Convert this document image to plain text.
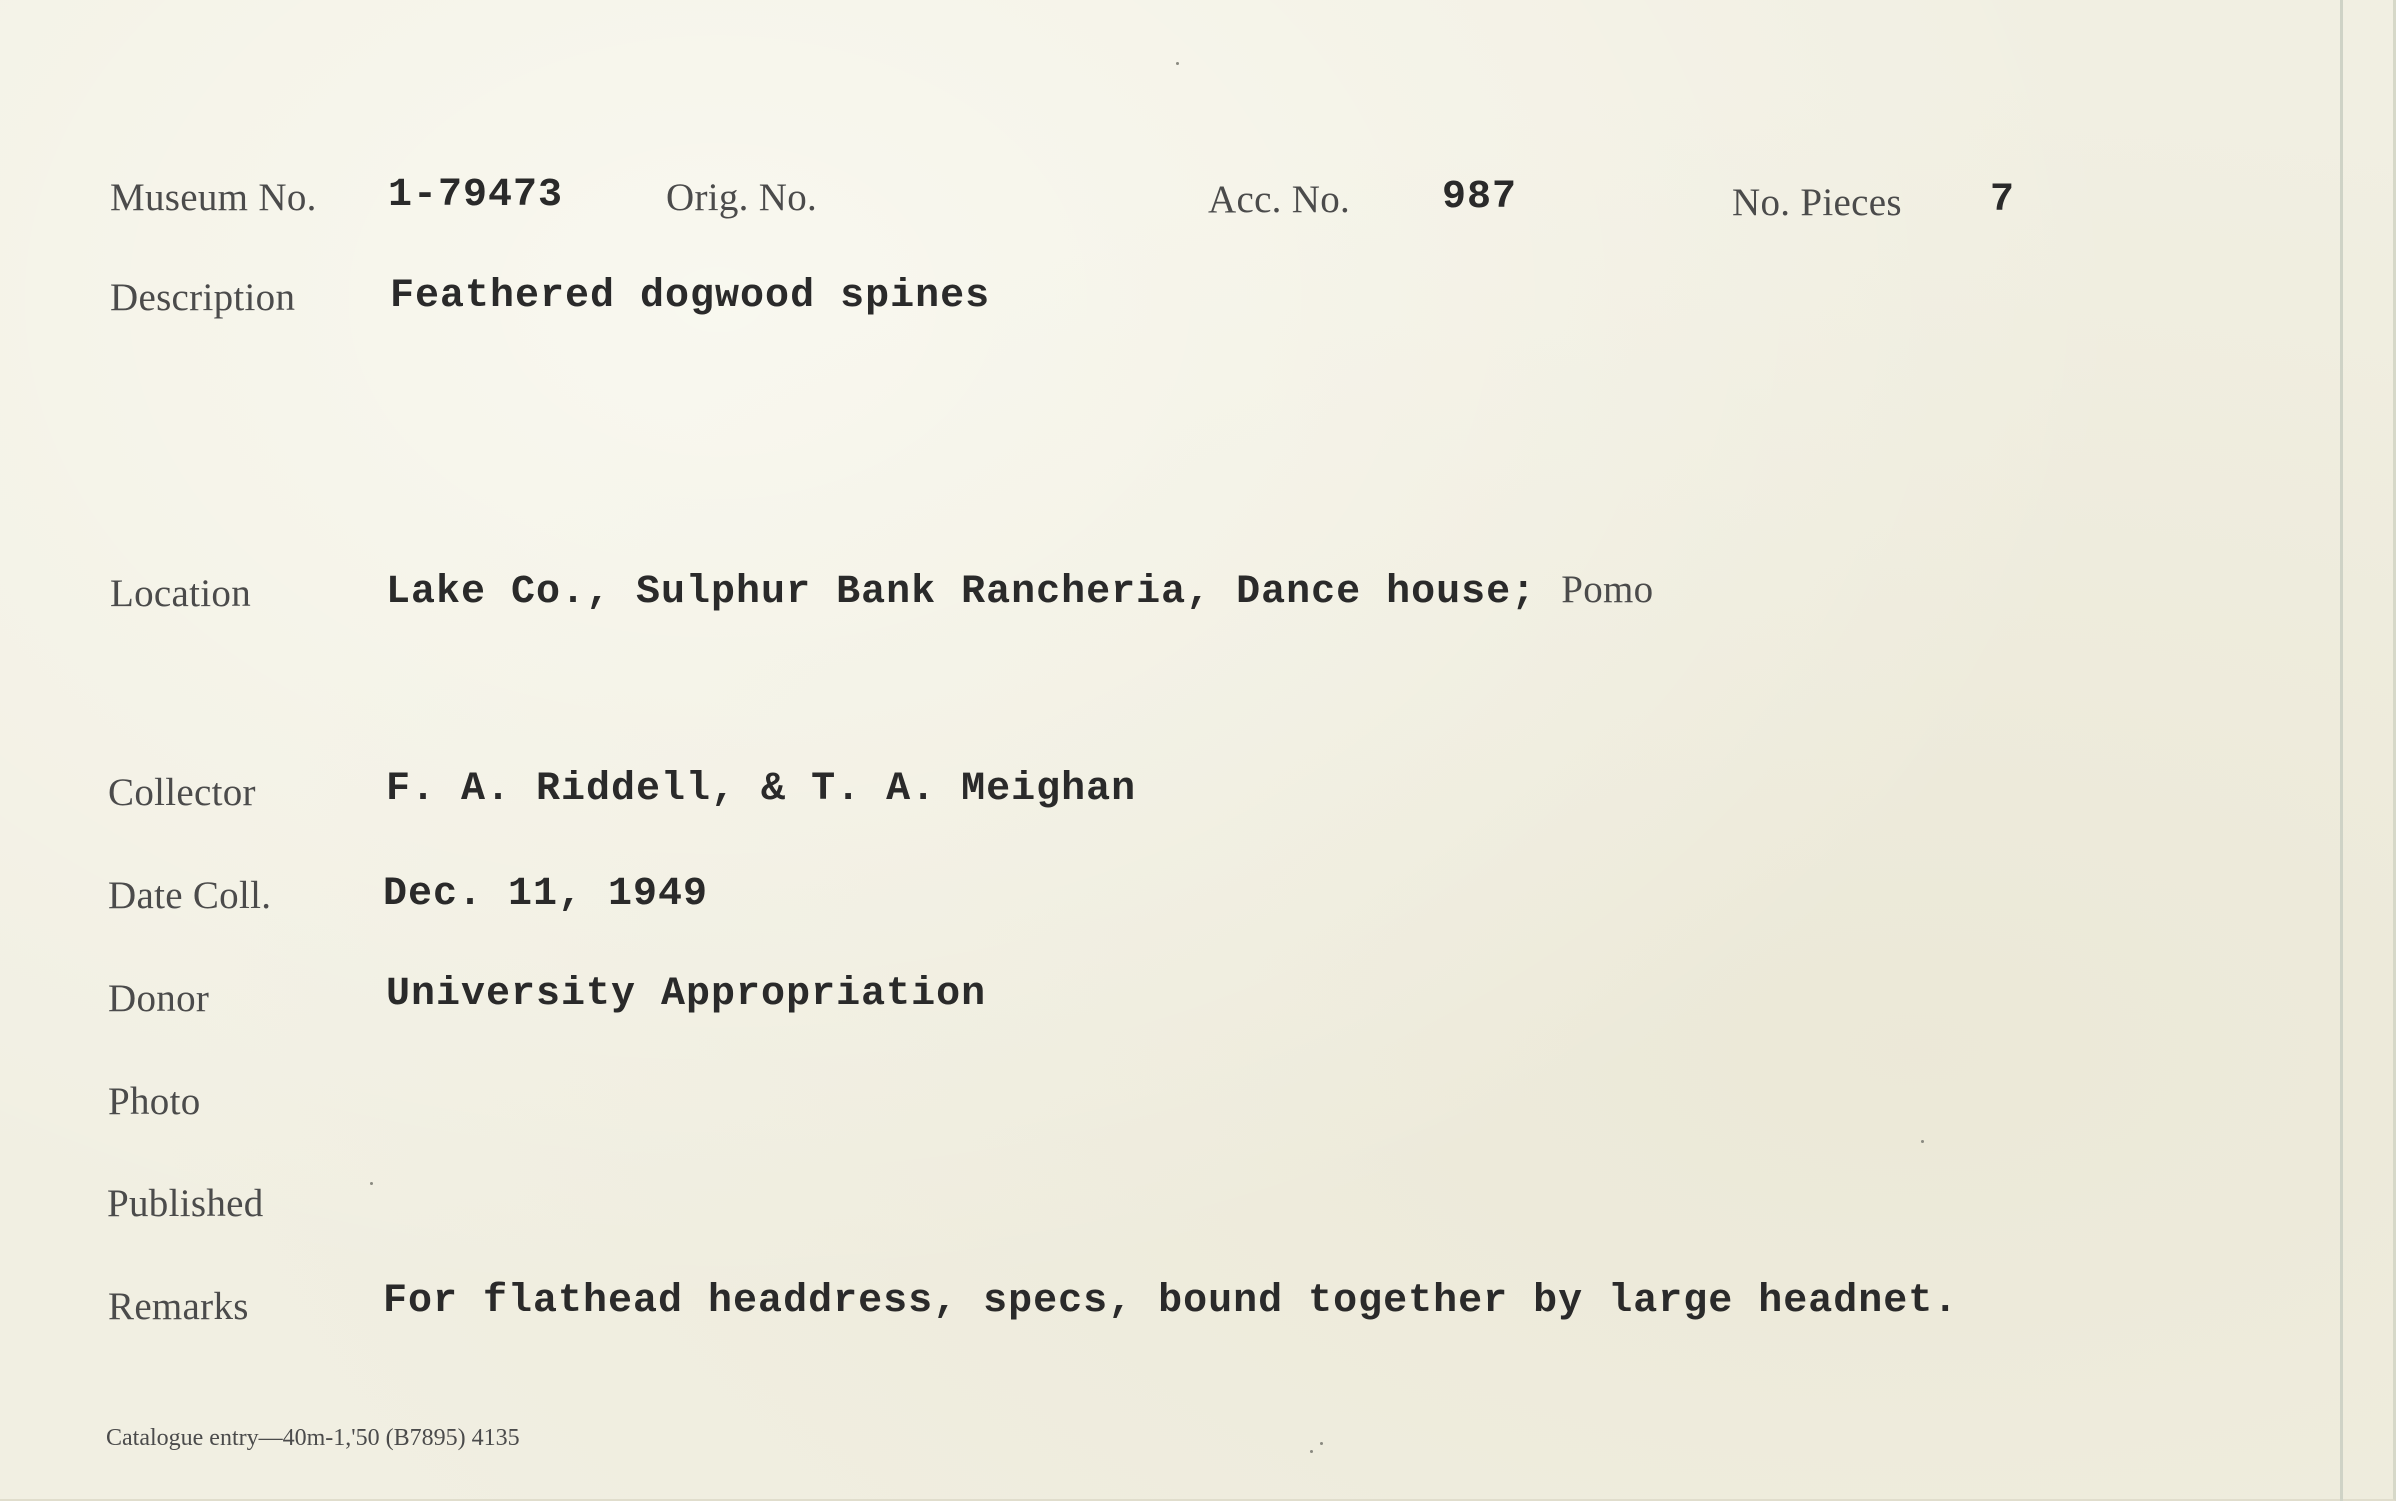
Museum No. 1-79473	Orig. No.	Acc. No. 987	No. Pieces 7
Description Feathered dogwood spines
Location	Lake Co., Sulphur Bank Rancheria, Dance house; Pomo
Collector	F. A. Riddell, & T. A. Meighan
Date Coll.	Dec. 11, 1949
Donor	University Appropriation
Photo
Published
Remarks	For flathead headdress, specs, bound together by large headnet.
Catalogue entry—40m-1,'50 (B7895) 4135
